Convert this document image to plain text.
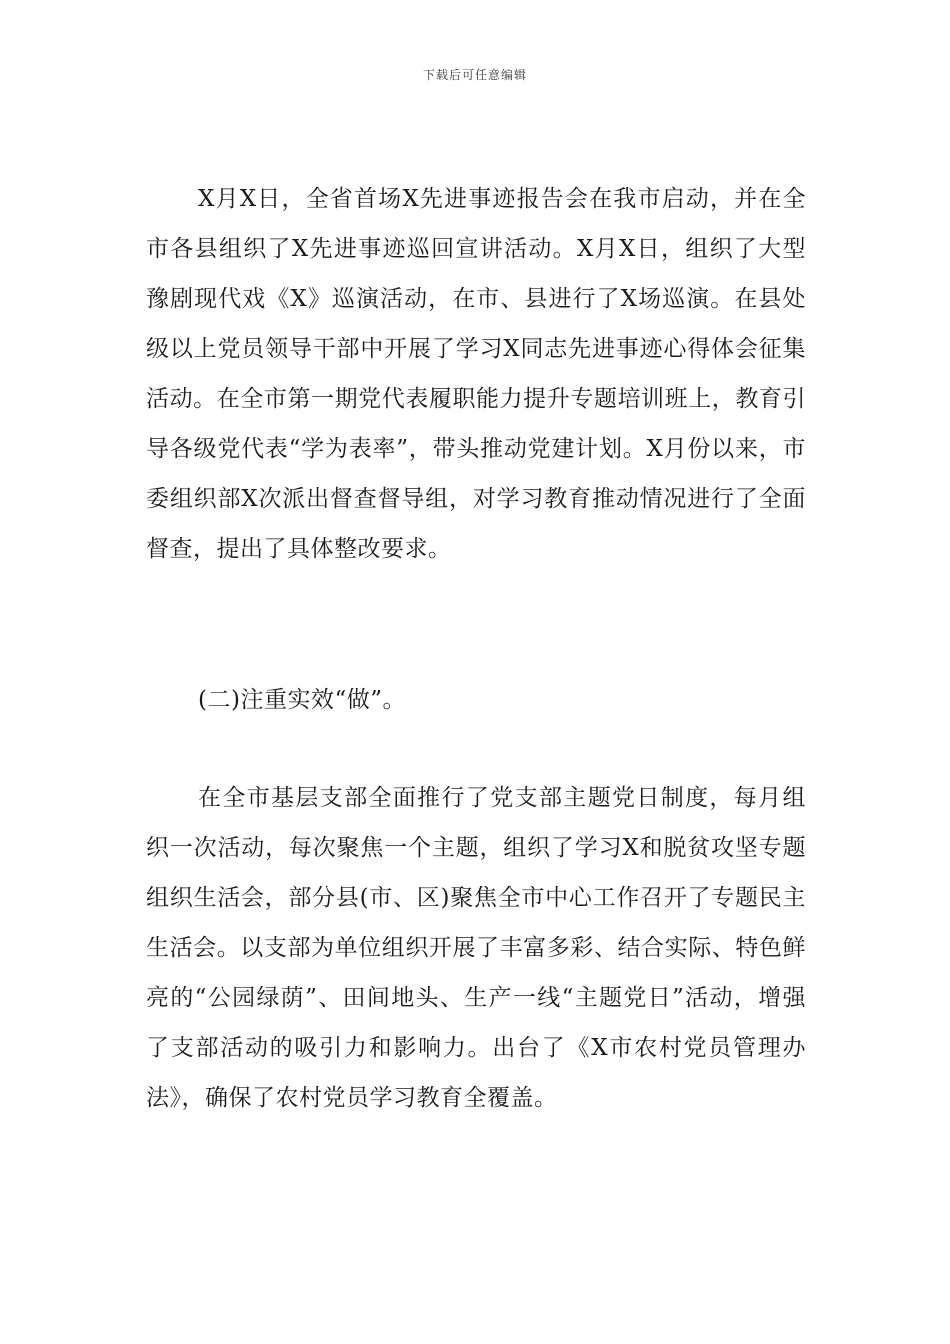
下载后可任意编辑

X月X日，全省首场X先进事迹报告会在我市启动，并在全市各县组织了X先进事迹巡回宣讲活动。X月X日，组织了大型豫剧现代戏《X》巡演活动，在市、县进行了X场巡演。在县处级以上党员领导干部中开展了学习X同志先进事迹心得体会征集活动。在全市第一期党代表履职能力提升专题培训班上，教育引导各级党代表“学为表率”，带头推动党建计划。X月份以来，市委组织部X次派出督查督导组，对学习教育推动情况进行了全面督查，提出了具体整改要求。

(二)注重实效“做”。

在全市基层支部全面推行了党支部主题党日制度，每月组织一次活动，每次聚焦一个主题，组织了学习X和脱贫攻坚专题组织生活会，部分县(市、区)聚焦全市中心工作召开了专题民主生活会。以支部为单位组织开展了丰富多彩、结合实际、特色鲜亮的“公园绿荫”、田间地头、生产一线“主题党日”活动，增强了支部活动的吸引力和影响力。出台了《X市农村党员管理办法》，确保了农村党员学习教育全覆盖。
